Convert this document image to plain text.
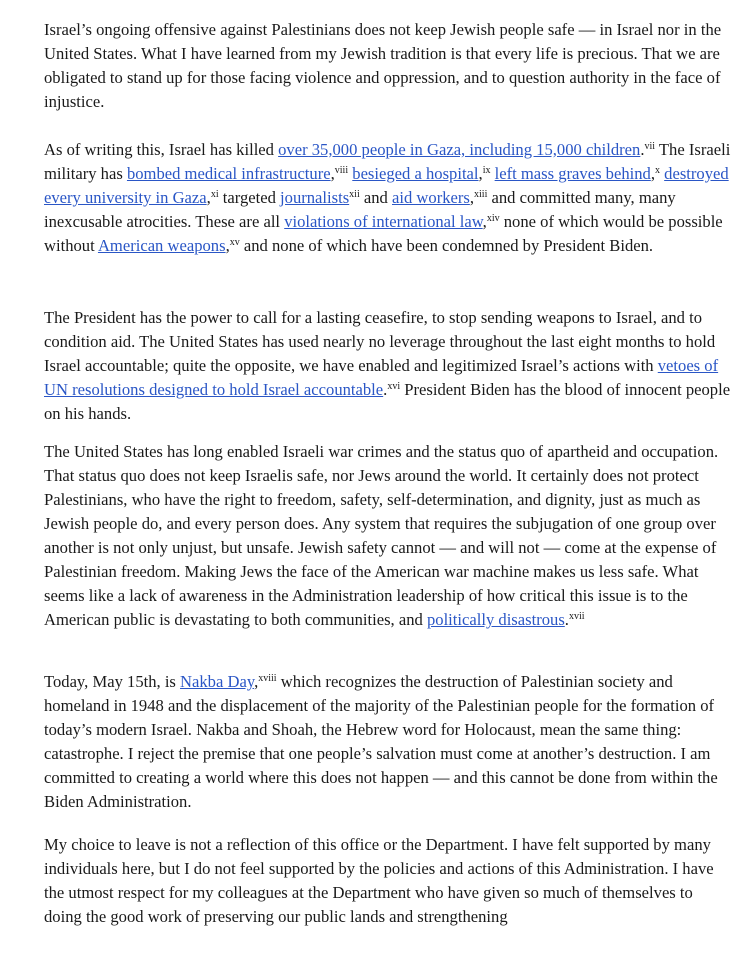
Israel’s ongoing offensive against Palestinians does not keep Jewish people safe — in Israel nor in the United States. What I have learned from my Jewish tradition is that every life is precious. That we are obligated to stand up for those facing violence and oppression, and to question authority in the face of injustice.

As of writing this, Israel has killed over 35,000 people in Gaza, including 15,000 children.$^{vii}$ The Israeli military has bombed medical infrastructure,$^{viii}$ besieged a hospital,$^{ix}$ left mass graves behind,$^x$ destroyed every university in Gaza,$^{xi}$ targeted journalists$^{xii}$ and aid workers,$^{xiii}$ and committed many, many inexcusable atrocities. These are all violations of international law,$^{xiv}$ none of which would be possible without American weapons,$^{xv}$ and none of which have been condemned by President Biden.

The President has the power to call for a lasting ceasefire, to stop sending weapons to Israel, and to condition aid. The United States has used nearly no leverage throughout the last eight months to hold Israel accountable; quite the opposite, we have enabled and legitimized Israel’s actions with vetoes of UN resolutions designed to hold Israel accountable.$^{xvi}$ President Biden has the blood of innocent people on his hands.

The United States has long enabled Israeli war crimes and the status quo of apartheid and occupation. That status quo does not keep Israelis safe, nor Jews around the world. It certainly does not protect Palestinians, who have the right to freedom, safety, self-determination, and dignity, just as much as Jewish people do, and every person does. Any system that requires the subjugation of one group over another is not only unjust, but unsafe. Jewish safety cannot — and will not — come at the expense of Palestinian freedom. Making Jews the face of the American war machine makes us less safe. What seems like a lack of awareness in the Administration leadership of how critical this issue is to the American public is devastating to both communities, and politically disastrous.$^{xvii}$

Today, May 15th, is Nakba Day,$^{xviii}$ which recognizes the destruction of Palestinian society and homeland in 1948 and the displacement of the majority of the Palestinian people for the formation of today’s modern Israel. Nakba and Shoah, the Hebrew word for Holocaust, mean the same thing: catastrophe. I reject the premise that one people’s salvation must come at another’s destruction. I am committed to creating a world where this does not happen — and this cannot be done from within the Biden Administration.

My choice to leave is not a reflection of this office or the Department. I have felt supported by many individuals here, but I do not feel supported by the policies and actions of this Administration. I have the utmost respect for my colleagues at the Department who have given so much of themselves to doing the good work of preserving our public lands and strengthening
